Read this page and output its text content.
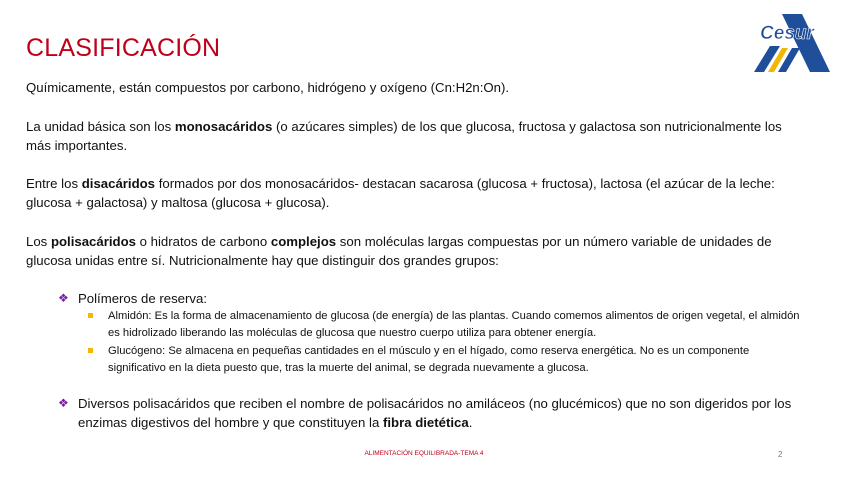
CLASIFICACIÓN
Cesur
Químicamente, están compuestos por carbono, hidrógeno y oxígeno (Cn:H2n:On).
La unidad básica son los monosacáridos (o azúcares simples) de los que glucosa, fructosa y galactosa son nutricionalmente los más importantes.
Entre los disacáridos formados por dos monosacáridos- destacan sacarosa (glucosa + fructosa), lactosa (el azúcar de la leche: glucosa + galactosa) y maltosa (glucosa + glucosa).
Los polisacáridos o hidratos de carbono complejos son moléculas largas compuestas por un número variable de unidades de glucosa unidas entre sí. Nutricionalmente hay que distinguir dos grandes grupos:
❖ Polímeros de reserva:
Almidón: Es la forma de almacenamiento de glucosa (de energía) de las plantas. Cuando comemos alimentos de origen vegetal, el almidón es hidrolizado liberando las moléculas de glucosa que nuestro cuerpo utiliza para obtener energía.
Glucógeno: Se almacena en pequeñas cantidades en el músculo y en el hígado, como reserva energética. No es un componente significativo en la dieta puesto que, tras la muerte del animal, se degrada nuevamente a glucosa.
❖ Diversos polisacáridos que reciben el nombre de polisacáridos no amiláceos (no glucémicos) que no son digeridos por los enzimas digestivos del hombre y que constituyen la fibra dietética.
ALIMENTACIÓN EQUILIBRADA-TEMA 4	2
